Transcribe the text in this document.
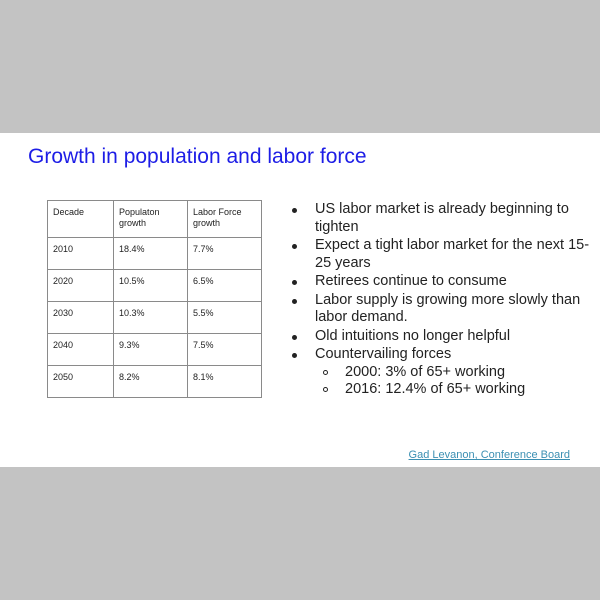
Growth in population and labor force
Decade	Populaton growth	Labor Force growth
2010	18.4%	7.7%
2020	10.5%	6.5%
2030	10.3%	5.5%
2040	9.3%	7.5%
2050	8.2%	8.1%
US labor market is already beginning to tighten
Expect a tight labor market for the next 15-25 years
Retirees continue to consume
Labor supply is growing more slowly than labor demand.
Old intuitions no longer helpful
Countervailing forces
2000: 3% of 65+ working
2016: 12.4% of 65+ working
Gad Levanon, Conference Board
